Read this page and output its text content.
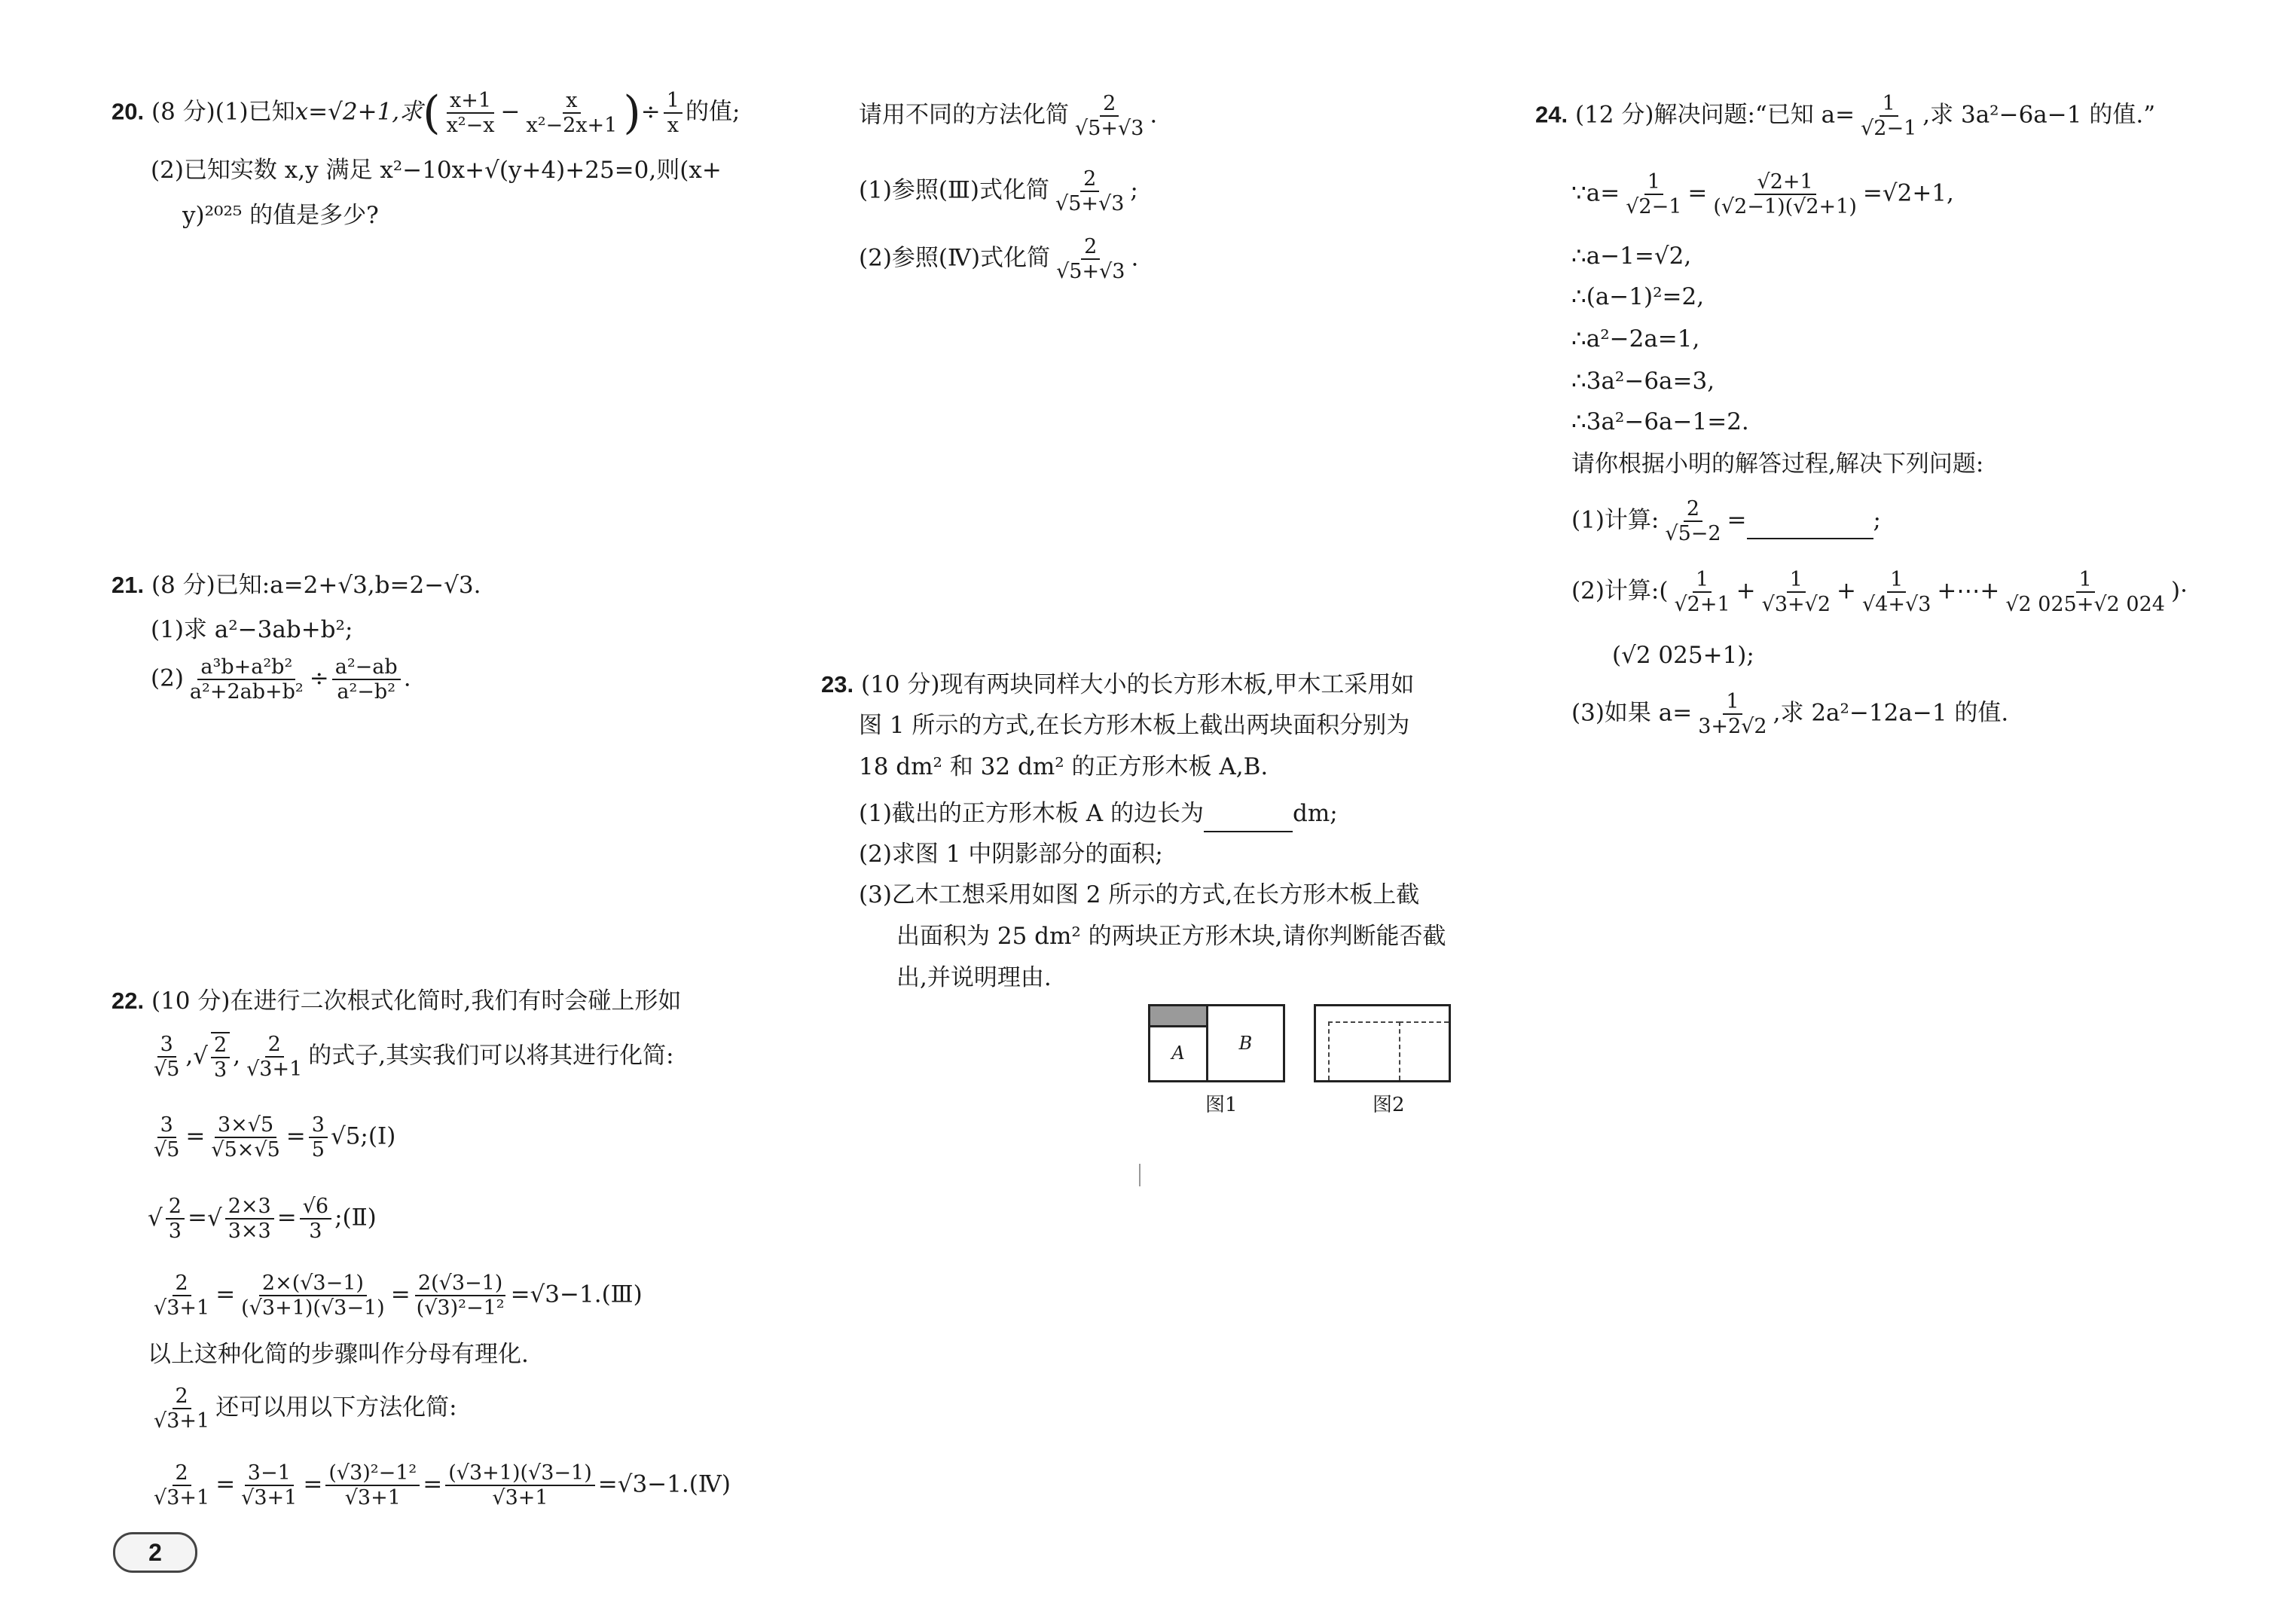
20. (8 分)(1)已知x=√2+1,求( $\frac{x+1}{\text{x²−x}} - \frac{x}{\text{x²−2x+1}}$ )÷ $\frac{1}{x}$ 的值;
(2)已知实数 x,y 满足 x²−10x+√(y+4)+25=0,则(x+
y)²⁰²⁵ 的值是多少?
21. (8 分)已知:a=2+√3,b=2−√3.
(1)求 a²−3ab+b²;
$(2) \frac{\text{a³b+a²b²}}{\text{a²+2ab+b²}} \div \frac{\text{a²−ab}}{\text{a²−b²}}$ .
22. (10 分)在进行二次根式化简时,我们有时会碰上形如
$\frac{3}{√5}$ ,√ $\frac{2}{3}$ , $\frac{2}{√3+1}$ 的式子,其实我们可以将其进行化简:
$\frac{3}{√5} = \frac{3\times√5}{√5\times√5} = \frac{3}{5}$ √5;(Ⅰ)
√ $\frac{2}{3}$ =√ $\frac{2\times 3}{3\times 3} = \frac{√6}{3}$ ;(Ⅱ)
$\frac{2}{√3+1} = \frac{2\times(√3-1)}{(√3+1)(√3-1)} = \frac{2(√3-1)}{\text{(√3)²−1²}}$ =√3−1.(Ⅲ)
以上这种化简的步骤叫作分母有理化.
$\frac{2}{√3+1}$ 还可以用以下方法化简:
$\frac{2}{√3+1} = \frac{3-1}{√3+1} = \frac{\text{(√3)²−1²}}{√3+1} = \frac{(√3+1)(√3-1)}{√3+1}$ =√3−1.(Ⅳ)
2
请用不同的方法化简 $\frac{2}{√5+√3}$ .
(1)参照(Ⅲ)式化简 $\frac{2}{√5+√3}$ ;
(2)参照(Ⅳ)式化简 $\frac{2}{√5+√3}$ .
23. (10 分)现有两块同样大小的长方形木板,甲木工采用如
图 1 所示的方式,在长方形木板上截出两块面积分别为
18 dm² 和 32 dm² 的正方形木板 A,B.
(1)截出的正方形木板 A 的边长为	dm;
(2)求图 1 中阴影部分的面积;
(3)乙木工想采用如图 2 所示的方式,在长方形木板上截
出面积为 25 dm² 的两块正方形木块,请你判断能否截
出,并说明理由.
A	B
图1	图2
24. (12 分)解决问题:“已知 $a= \frac{1}{√2-1}$ ,求 3a²−6a−1 的值.”
∵a= $\frac{1}{√2-1} = \frac{√2+1}{(√2-1)(√2+1)} =√2+1$,
∴a−1=√2,
∴(a−1)²=2,
∴a²−2a=1,
∴3a²−6a=3,
∴3a²−6a−1=2.
请你根据小明的解答过程,解决下列问题:
(1)计算: $\frac{2}{√5-2}$ =	;
(2)计算:( $\frac{1}{√2+1} + \frac{1}{√3+√2} + \frac{1}{√4+√3}$ +⋯+ $\frac{1}{√2 025+√2 024}$ )·
(√2 025+1);
(3)如果 $a= \frac{1}{3+2√2}$ ,求 2a²−12a−1 的值.
